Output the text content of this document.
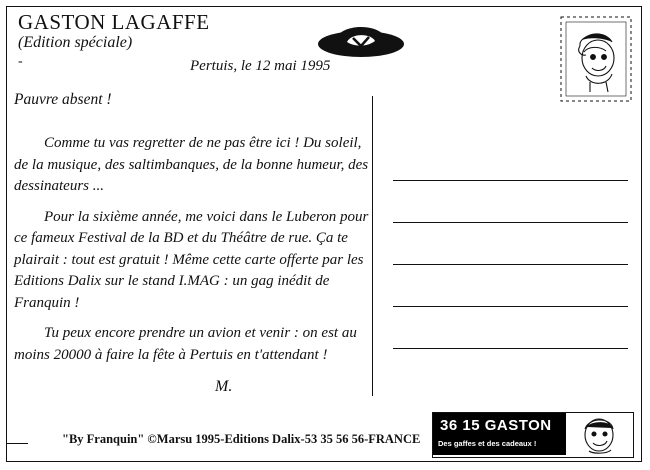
GASTON LAGAFFE
(Edition spéciale)
-	Pertuis, le 12 mai 1995
Pauvre absent !

Comme tu vas regretter de ne pas être ici ! Du soleil, de la musique, des saltimbanques, de la bonne humeur, des dessinateurs ...

Pour la sixième année, me voici dans le Luberon pour ce fameux Festival de la BD et du Théâtre de rue. Ça te plairait : tout est gratuit ! Même cette carte offerte par les Editions Dalix sur le stand I.MAG : un gag inédit de Franquin !

Tu peux encore prendre un avion et venir : on est au moins 20000 à faire la fête à Pertuis en t'attendant !

M.
"By Franquin" ©Marsu 1995-Editions Dalix-53 35 56 56-FRANCE
36 15 GASTON
Des gaffes et des cadeaux !
